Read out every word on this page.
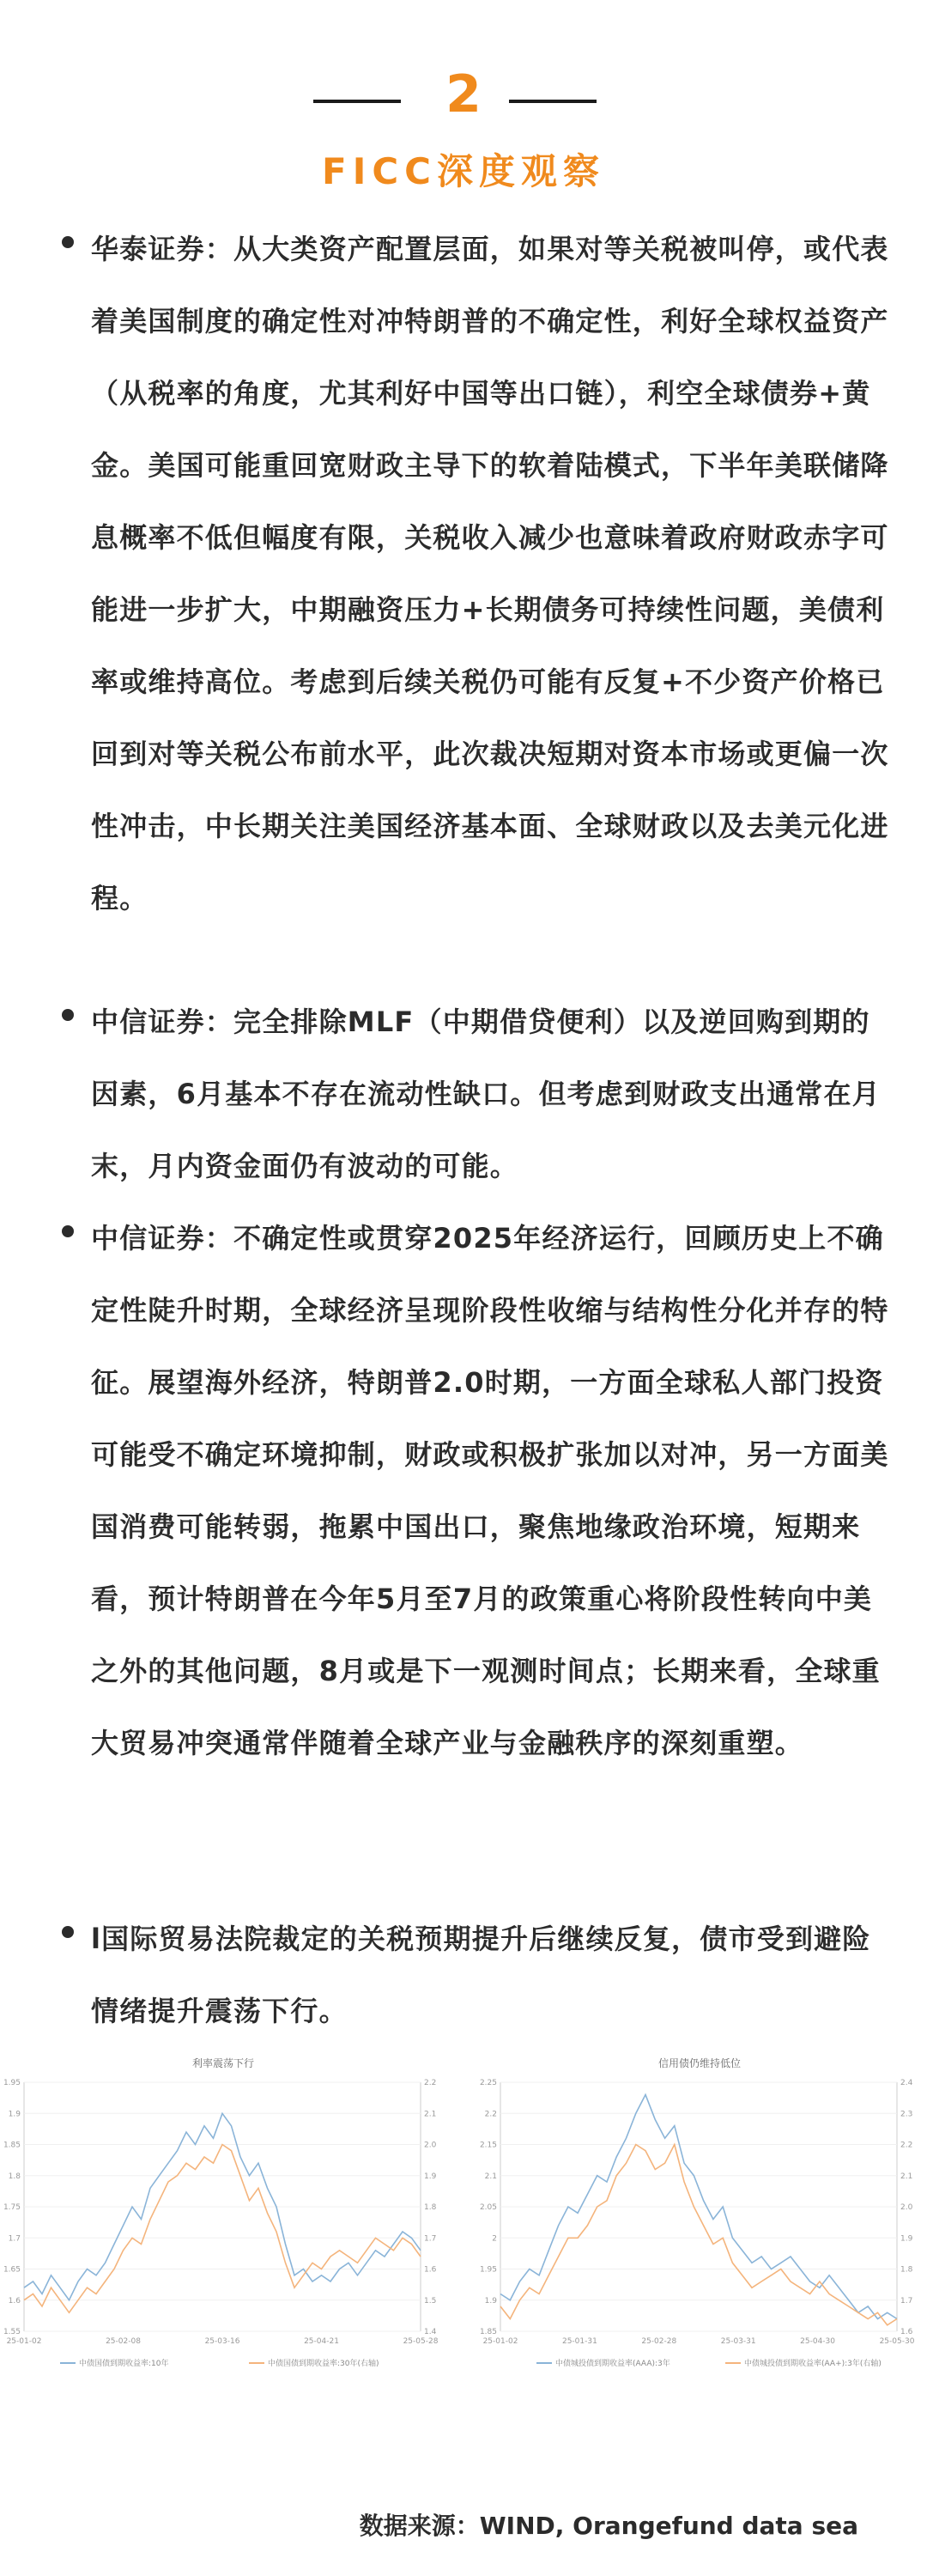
2
FICC深度观察
华泰证券：从大类资产配置层面，如果对等关税被叫停，或代表着美国制度的确定性对冲特朗普的不确定性，利好全球权益资产（从税率的角度，尤其利好中国等出口链），利空全球债券+黄金。美国可能重回宽财政主导下的软着陆模式，下半年美联储降息概率不低但幅度有限，关税收入减少也意味着政府财政赤字可能进一步扩大，中期融资压力+长期债务可持续性问题，美债利率或维持高位。考虑到后续关税仍可能有反复+不少资产价格已回到对等关税公布前水平，此次裁决短期对资本市场或更偏一次性冲击，中长期关注美国经济基本面、全球财政以及去美元化进程。
中信证券：完全排除MLF（中期借贷便利）以及逆回购到期的因素，6月基本不存在流动性缺口。但考虑到财政支出通常在月末，月内资金面仍有波动的可能。
中信证券：不确定性或贯穿2025年经济运行，回顾历史上不确定性陡升时期，全球经济呈现阶段性收缩与结构性分化并存的特征。展望海外经济，特朗普2.0时期，一方面全球私人部门投资可能受不确定环境抑制，财政或积极扩张加以对冲，另一方面美国消费可能转弱，拖累中国出口，聚焦地缘政治环境，短期来看，预计特朗普在今年5月至7月的政策重心将阶段性转向中美之外的其他问题，8月或是下一观测时间点；长期来看，全球重大贸易冲突通常伴随着全球产业与金融秩序的深刻重塑。
l国际贸易法院裁定的关税预期提升后继续反复，债市受到避险情绪提升震荡下行。
利率震荡下行
1.95
1.9
1.85
1.8
1.75
1.7
1.65
1.6
1.55
2.2
2.1
2.0
1.9
1.8
1.7
1.6
1.5
1.4
25-01-02	25-02-08	25-03-16	25-04-21	25-05-28
中债国债到期收益率:10年	中债国债到期收益率:30年(右轴)
信用债仍维持低位
2.25
2.2
2.15
2.1
2.05
2
1.95
1.9
1.85
2.4
2.3
2.2
2.1
2.0
1.9
1.8
1.7
1.6
25-01-02	25-01-31	25-02-28	25-03-31	25-04-30	25-05-30
中债城投债到期收益率(AAA):3年	中债城投债到期收益率(AA+):3年(右轴)
数据来源：WIND, Orangefund data sea
